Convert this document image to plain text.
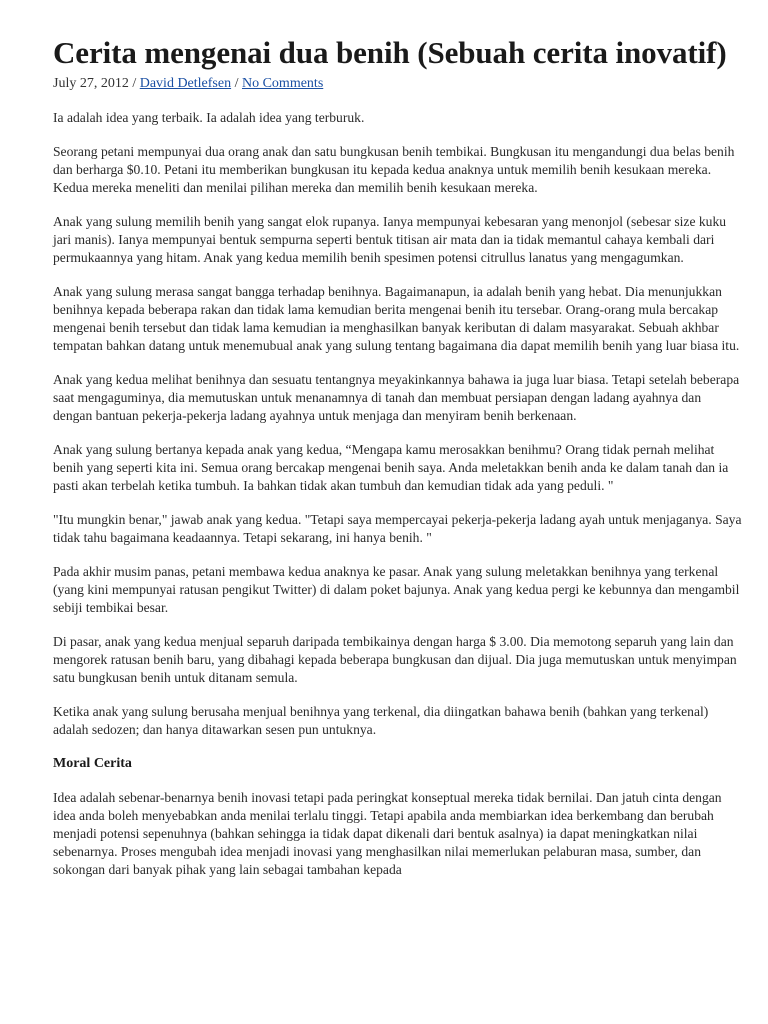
Cerita mengenai dua benih (Sebuah cerita inovatif)
July 27, 2012 / David Detlefsen / No Comments

Ia adalah idea yang terbaik. Ia adalah idea yang terburuk.

Seorang petani mempunyai dua orang anak dan satu bungkusan benih tembikai. Bungkusan itu mengandungi dua belas benih dan berharga $0.10. Petani itu memberikan bungkusan itu kepada kedua anaknya untuk memilih benih kesukaan mereka. Kedua mereka meneliti dan menilai pilihan mereka dan memilih benih kesukaan mereka.

Anak yang sulung memilih benih yang sangat elok rupanya. Ianya mempunyai kebesaran yang menonjol (sebesar size kuku jari manis). Ianya mempunyai bentuk sempurna seperti bentuk titisan air mata dan ia tidak memantul cahaya kembali dari permukaannya yang hitam. Anak yang kedua memilih benih spesimen potensi citrullus lanatus yang mengagumkan.

Anak yang sulung merasa sangat bangga terhadap benihnya. Bagaimanapun, ia adalah benih yang hebat. Dia menunjukkan benihnya kepada beberapa rakan dan tidak lama kemudian berita mengenai benih itu tersebar. Orang-orang mula bercakap mengenai benih tersebut dan tidak lama kemudian ia menghasilkan banyak keributan di dalam masyarakat. Sebuah akhbar tempatan bahkan datang untuk menemubual anak yang sulung tentang bagaimana dia dapat memilih benih yang luar biasa itu.

Anak yang kedua melihat benihnya dan sesuatu tentangnya meyakinkannya bahawa ia juga luar biasa. Tetapi setelah beberapa saat mengaguminya, dia memutuskan untuk menanamnya di tanah dan membuat persiapan dengan ladang ayahnya dan dengan bantuan pekerja-pekerja ladang ayahnya untuk menjaga dan menyiram benih berkenaan.

Anak yang sulung bertanya kepada anak yang kedua, “Mengapa kamu merosakkan benihmu? Orang tidak pernah melihat benih yang seperti kita ini. Semua orang bercakap mengenai benih saya. Anda meletakkan benih anda ke dalam tanah dan ia pasti akan terbelah ketika tumbuh. Ia bahkan tidak akan tumbuh dan kemudian tidak ada yang peduli. "

"Itu mungkin benar," jawab anak yang kedua. "Tetapi saya mempercayai pekerja-pekerja ladang ayah untuk menjaganya. Saya tidak tahu bagaimana keadaannya. Tetapi sekarang, ini hanya benih. "

Pada akhir musim panas, petani membawa kedua anaknya ke pasar. Anak yang sulung meletakkan benihnya yang terkenal (yang kini mempunyai ratusan pengikut Twitter) di dalam poket bajunya. Anak yang kedua pergi ke kebunnya dan mengambil sebiji tembikai besar.

Di pasar, anak yang kedua menjual separuh daripada tembikainya dengan harga $ 3.00. Dia memotong separuh yang lain dan mengorek ratusan benih baru, yang dibahagi kepada beberapa bungkusan dan dijual. Dia juga memutuskan untuk menyimpan satu bungkusan benih untuk ditanam semula.

Ketika anak yang sulung berusaha menjual benihnya yang terkenal, dia diingatkan bahawa benih (bahkan yang terkenal) adalah sedozen; dan hanya ditawarkan sesen pun untuknya.

Moral Cerita

Idea adalah sebenar-benarnya benih inovasi tetapi pada peringkat konseptual mereka tidak bernilai. Dan jatuh cinta dengan idea anda boleh menyebabkan anda menilai terlalu tinggi. Tetapi apabila anda membiarkan idea berkembang dan berubah menjadi potensi sepenuhnya (bahkan sehingga ia tidak dapat dikenali dari bentuk asalnya) ia dapat meningkatkan nilai sebenarnya. Proses mengubah idea menjadi inovasi yang menghasilkan nilai memerlukan pelaburan masa, sumber, dan sokongan dari banyak pihak yang lain sebagai tambahan kepada
